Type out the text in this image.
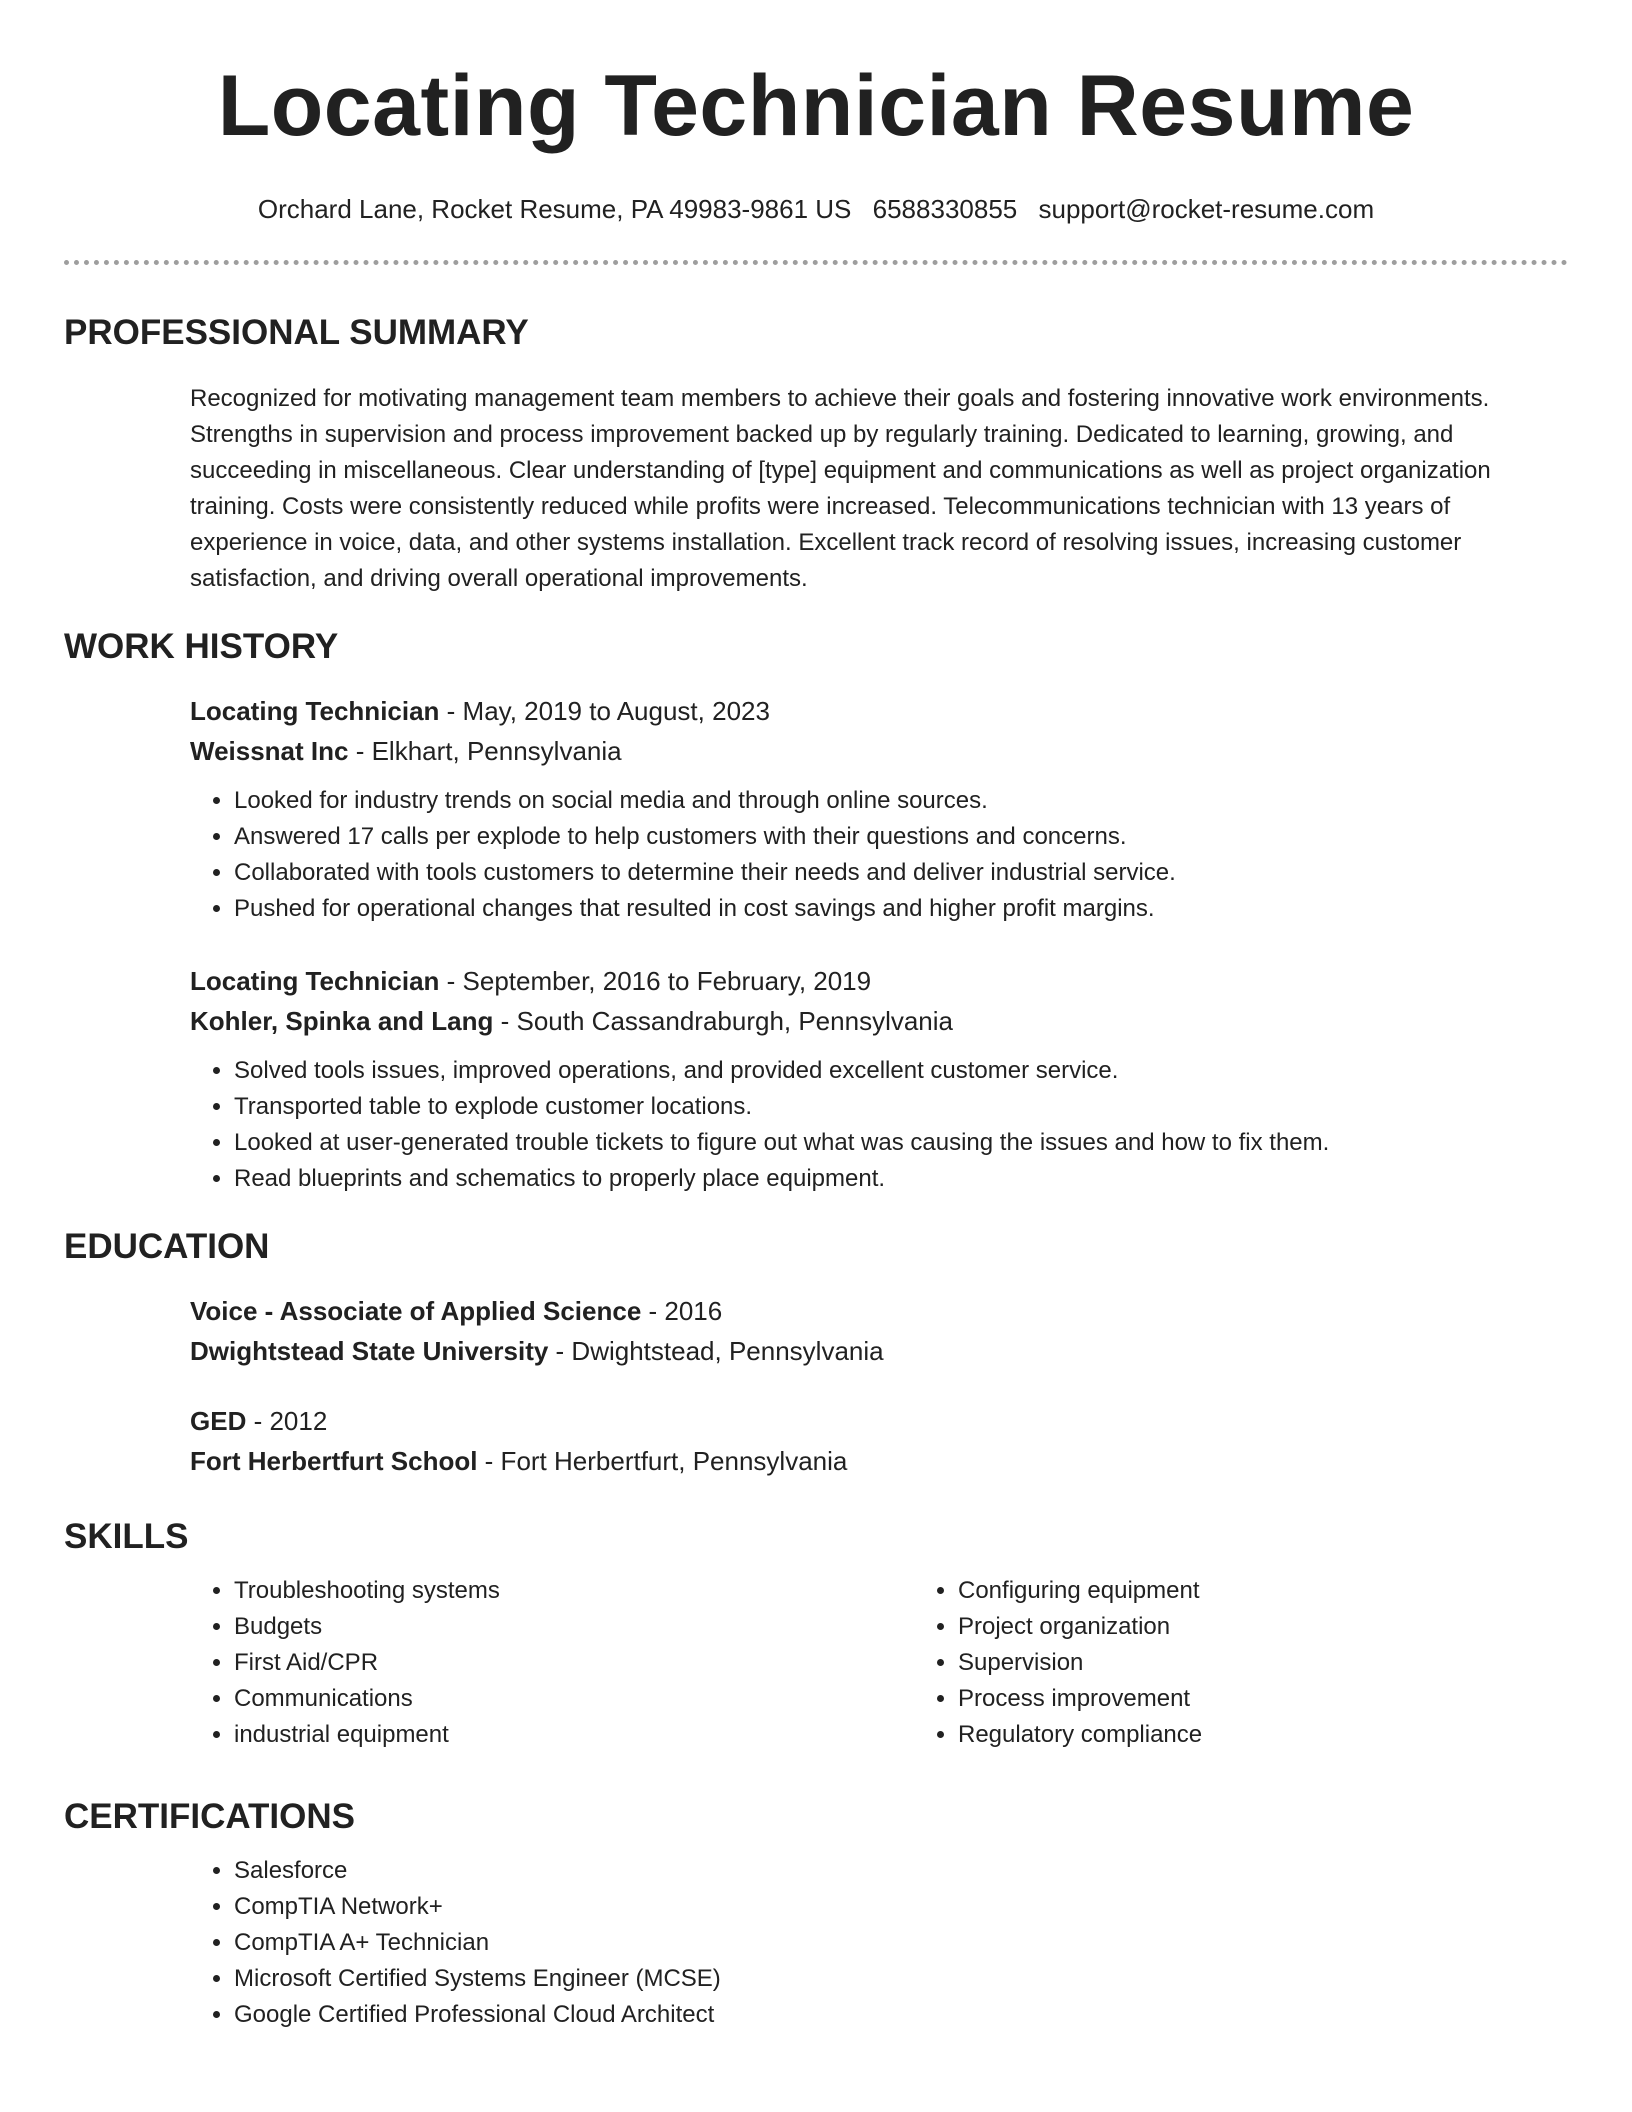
Locating Technician Resume
Orchard Lane, Rocket Resume, PA 49983-9861 US 6588330855 support@rocket-resume.com
PROFESSIONAL SUMMARY
Recognized for motivating management team members to achieve their goals and fostering innovative work environments. Strengths in supervision and process improvement backed up by regularly training. Dedicated to learning, growing, and succeeding in miscellaneous. Clear understanding of [type] equipment and communications as well as project organization training. Costs were consistently reduced while profits were increased. Telecommunications technician with 13 years of experience in voice, data, and other systems installation. Excellent track record of resolving issues, increasing customer satisfaction, and driving overall operational improvements.
WORK HISTORY
Locating Technician - May, 2019 to August, 2023
Weissnat Inc - Elkhart, Pennsylvania
• Looked for industry trends on social media and through online sources.
• Answered 17 calls per explode to help customers with their questions and concerns.
• Collaborated with tools customers to determine their needs and deliver industrial service.
• Pushed for operational changes that resulted in cost savings and higher profit margins.
Locating Technician - September, 2016 to February, 2019
Kohler, Spinka and Lang - South Cassandraburgh, Pennsylvania
• Solved tools issues, improved operations, and provided excellent customer service.
• Transported table to explode customer locations.
• Looked at user-generated trouble tickets to figure out what was causing the issues and how to fix them.
• Read blueprints and schematics to properly place equipment.
EDUCATION
Voice - Associate of Applied Science - 2016
Dwightstead State University - Dwightstead, Pennsylvania
GED - 2012
Fort Herbertfurt School - Fort Herbertfurt, Pennsylvania
SKILLS
• Troubleshooting systems
• Budgets
• First Aid/CPR
• Communications
• industrial equipment
• Configuring equipment
• Project organization
• Supervision
• Process improvement
• Regulatory compliance
CERTIFICATIONS
• Salesforce
• CompTIA Network+
• CompTIA A+ Technician
• Microsoft Certified Systems Engineer (MCSE)
• Google Certified Professional Cloud Architect
